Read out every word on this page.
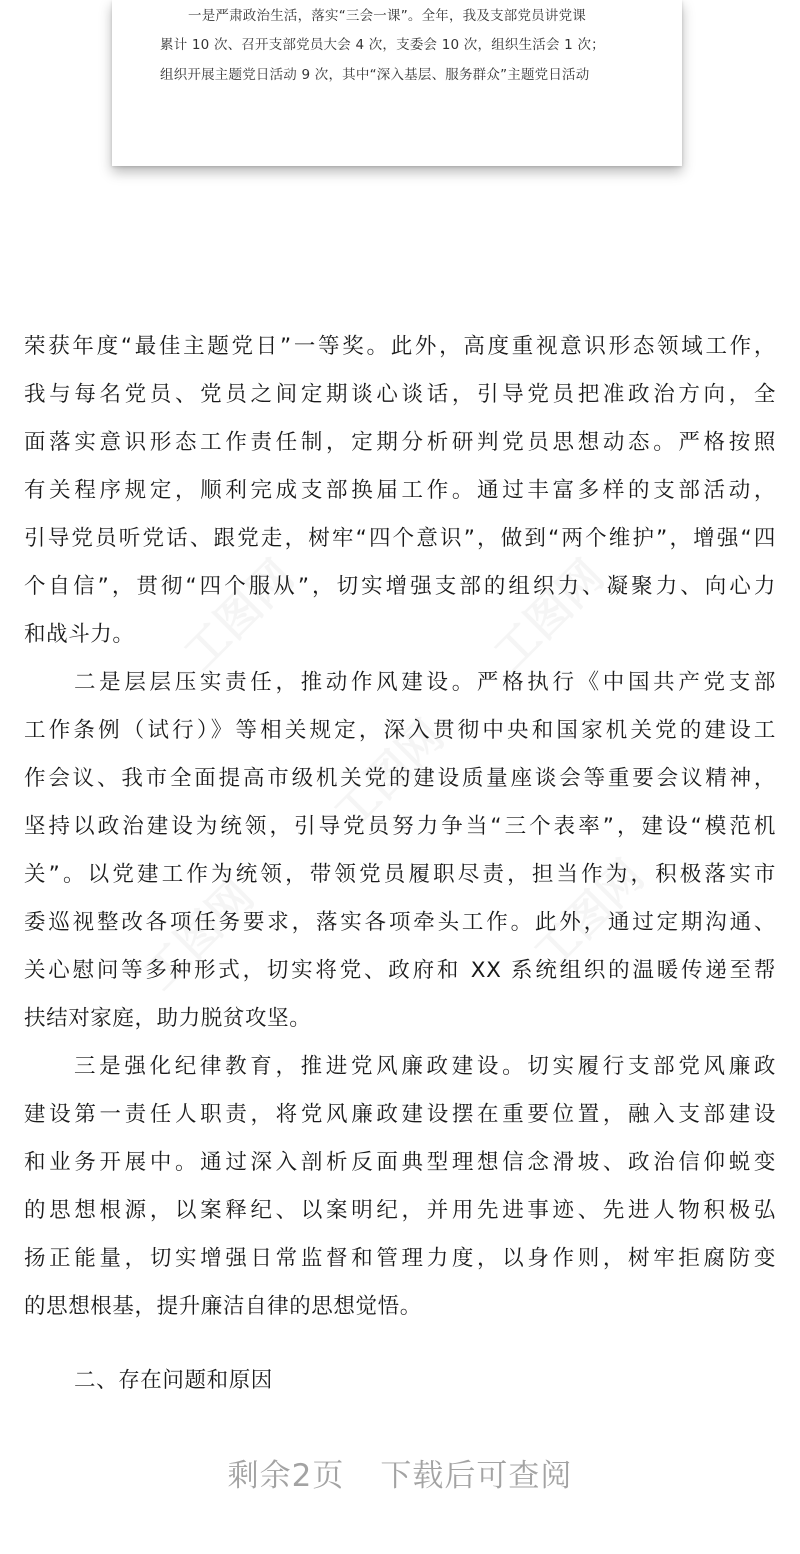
一是严肃政治生活，落实“三会一课”。全年，我及支部党员讲党课
累计 10 次、召开支部党员大会 4 次，支委会 10 次，组织生活会 1 次；
组织开展主题党日活动 9 次，其中“深入基层、服务群众”主题党日活动
工图网	工图网
工图网
工图网	工图网
荣获年度“最佳主题党日”一等奖。此外，高度重视意识形态领域工作，
我与每名党员、党员之间定期谈心谈话，引导党员把准政治方向，全
面落实意识形态工作责任制，定期分析研判党员思想动态。严格按照
有关程序规定，顺利完成支部换届工作。通过丰富多样的支部活动，
引导党员听党话、跟党走，树牢“四个意识”，做到“两个维护”，增强“四
个自信”，贯彻“四个服从”，切实增强支部的组织力、凝聚力、向心力
和战斗力。
二是层层压实责任，推动作风建设。严格执行《中国共产党支部
工作条例（试行）》等相关规定，深入贯彻中央和国家机关党的建设工
作会议、我市全面提高市级机关党的建设质量座谈会等重要会议精神，
坚持以政治建设为统领，引导党员努力争当“三个表率”，建设“模范机
关”。以党建工作为统领，带领党员履职尽责，担当作为，积极落实市
委巡视整改各项任务要求，落实各项牵头工作。此外，通过定期沟通、
关心慰问等多种形式，切实将党、政府和 XX 系统组织的温暖传递至帮
扶结对家庭，助力脱贫攻坚。
三是强化纪律教育，推进党风廉政建设。切实履行支部党风廉政
建设第一责任人职责，将党风廉政建设摆在重要位置，融入支部建设
和业务开展中。通过深入剖析反面典型理想信念滑坡、政治信仰蜕变
的思想根源，以案释纪、以案明纪，并用先进事迹、先进人物积极弘
扬正能量，切实增强日常监督和管理力度，以身作则，树牢拒腐防变
的思想根基，提升廉洁自律的思想觉悟。
二、存在问题和原因
剩余2页 下载后可查阅
